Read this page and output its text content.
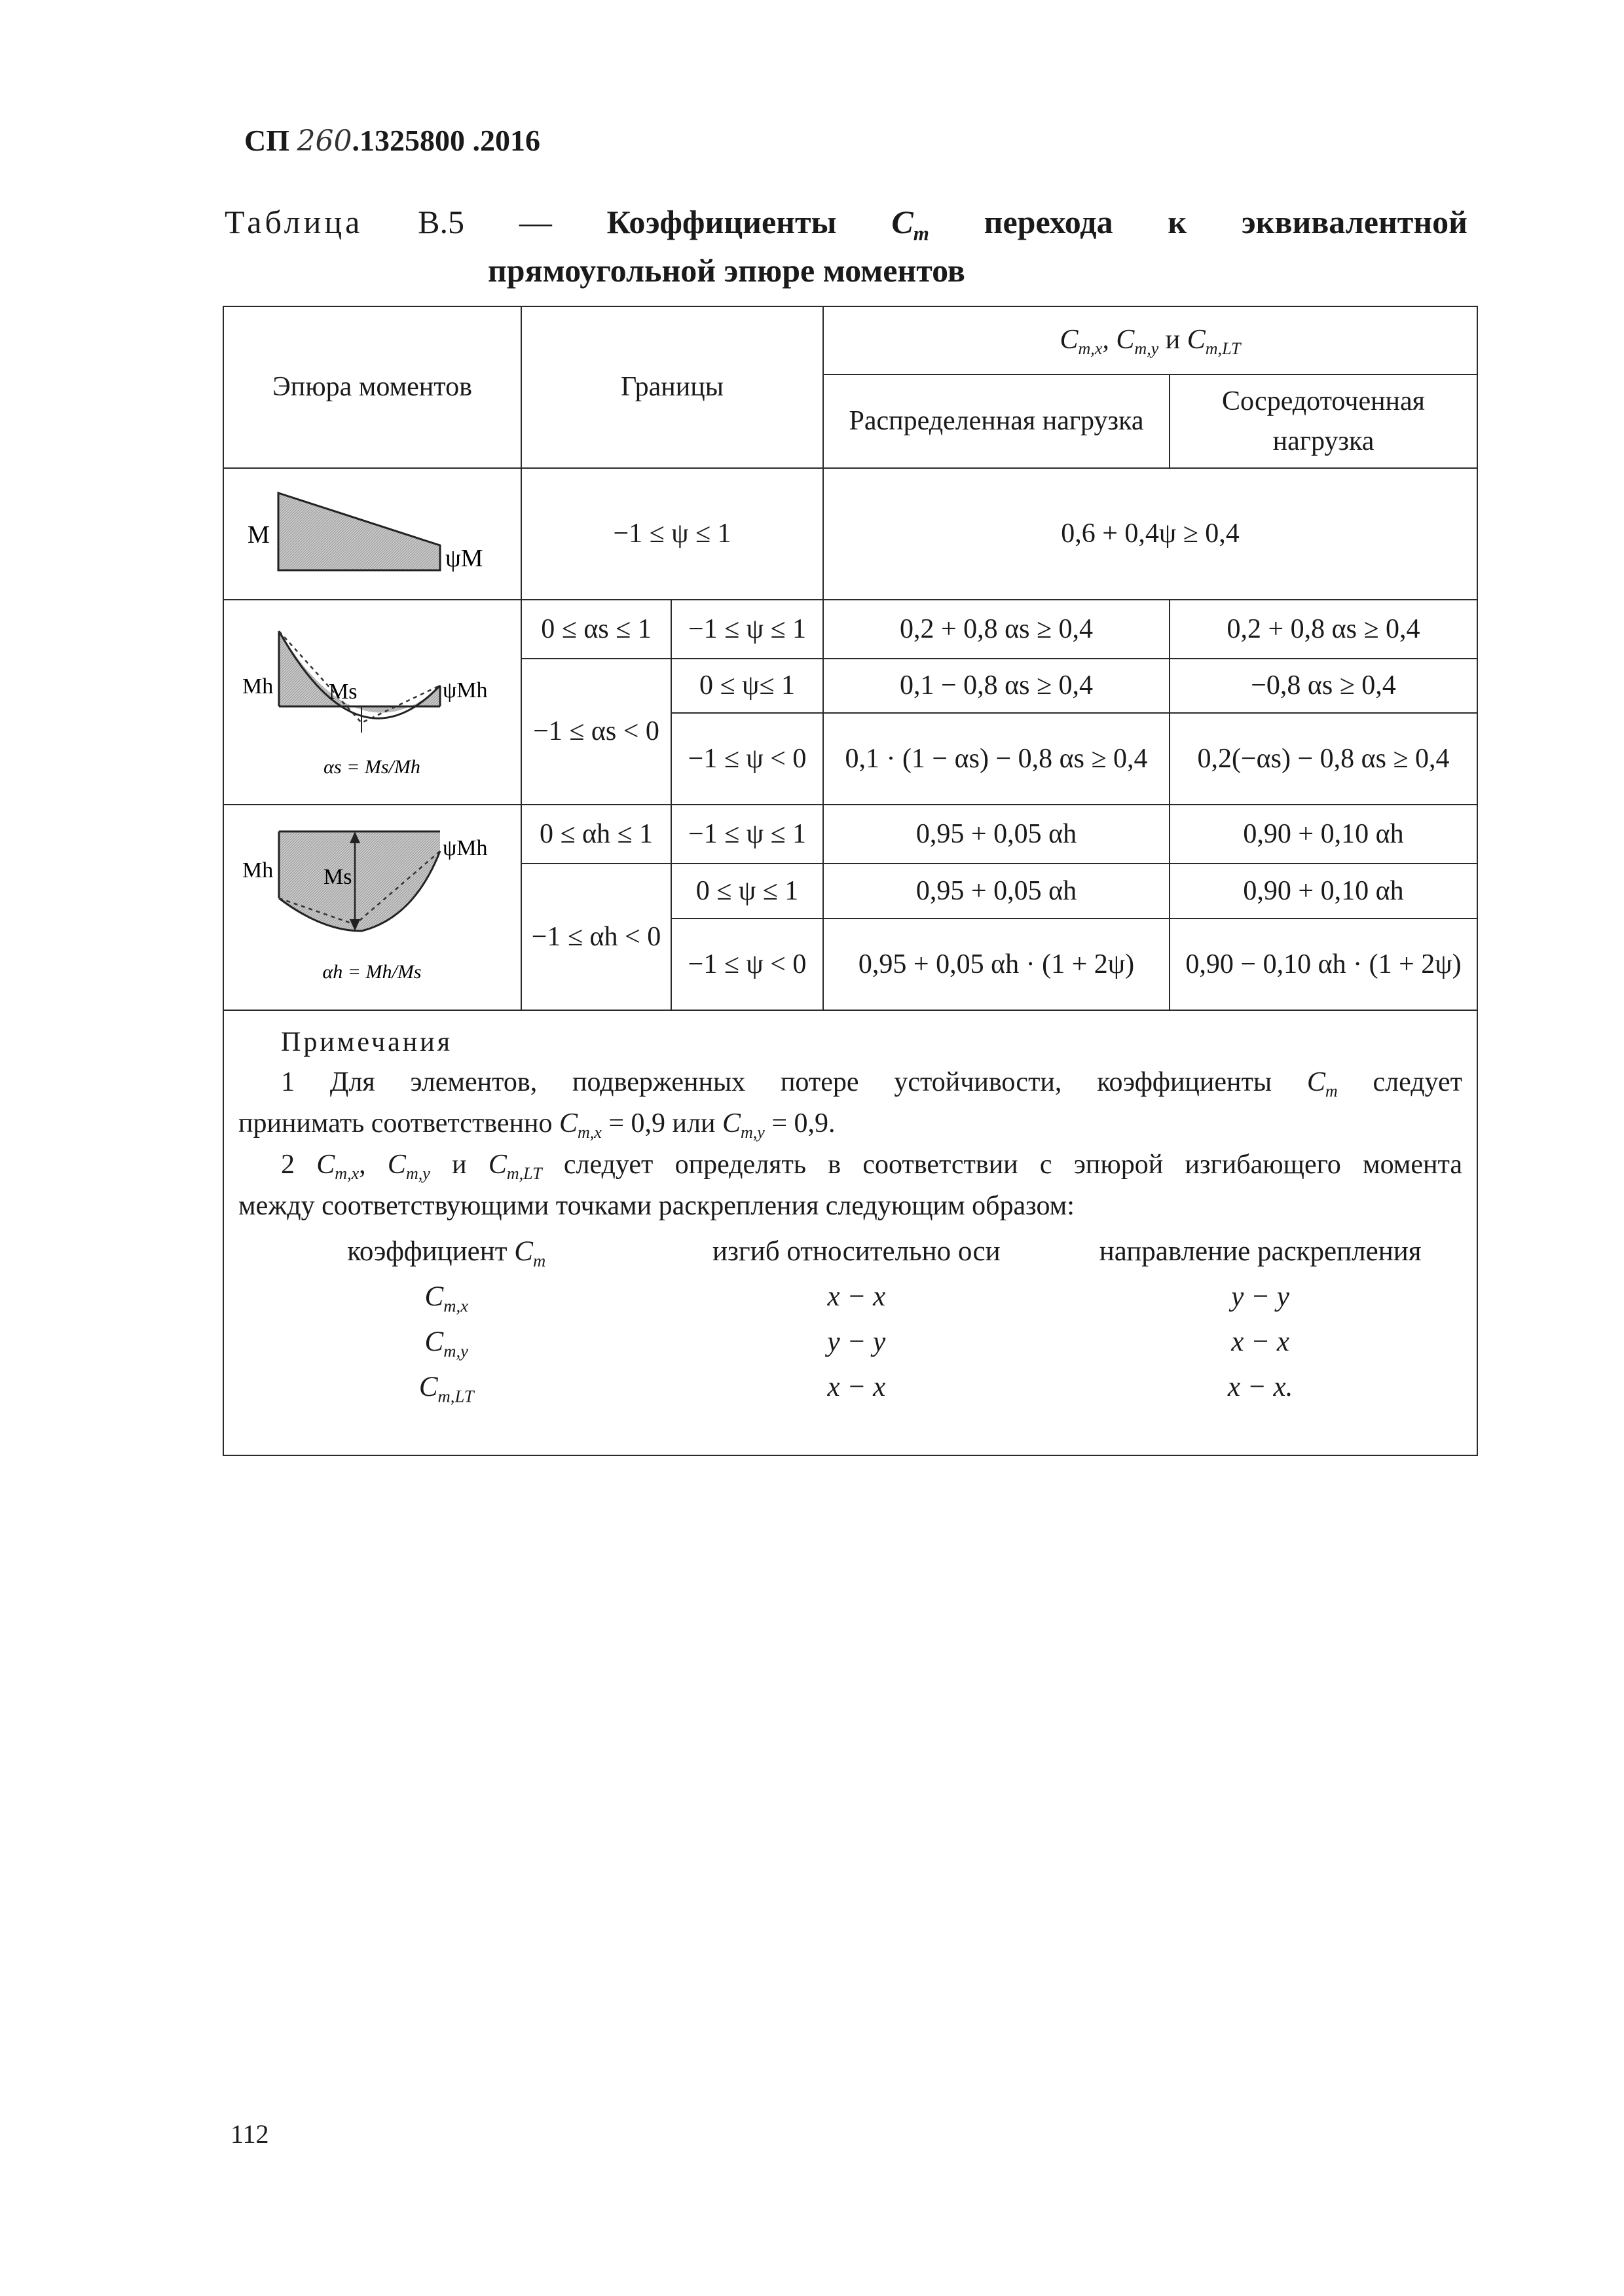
СП 260.1325800 .2016
Таблица В.5 — Коэффициенты $C_m$ перехода к эквивалентной
прямоугольной эпюре моментов
Эпюра моментов	Границы	$C_{m,x}$, $C_{m,y}$ и $C_{m,LT}$
Распределенная нагрузка	Сосредоточенная нагрузка

M
ψM
	−1 ≤ ψ ≤ 1	0,6 + 0,4ψ ≥ 0,4

Mh Ms	ψMh
αs = Ms/Mh
	0 ≤ αs ≤ 1	−1 ≤ ψ ≤ 1	0,2 + 0,8 αs ≥ 0,4	0,2 + 0,8 αs ≥ 0,4
−1 ≤ αs < 0	0 ≤ ψ≤ 1	0,1 − 0,8 αs ≥ 0,4	−0,8 αs ≥ 0,4
−1 ≤ ψ < 0	0,1 · (1 − αs) − 0,8 αs ≥ 0,4	0,2(−αs) − 0,8 αs ≥ 0,4

Mh Ms
ψMh
αh = Mh/Ms
	0 ≤ αh ≤ 1	−1 ≤ ψ ≤ 1	0,95 + 0,05 αh	0,90 + 0,10 αh
−1 ≤ αh < 0	0 ≤ ψ ≤ 1	0,95 + 0,05 αh	0,90 + 0,10 αh
−1 ≤ ψ < 0	0,95 + 0,05 αh · (1 + 2ψ)	0,90 − 0,10 αh · (1 + 2ψ)

Примечания

1 Для элементов, подверженных потере устойчивости, коэффициенты $C_m$ следует

принимать соответственно $C_{m,x} = 0,9$ или $C_{m,y} = 0,9$.

2 $C_{m,x}$, $C_{m,y}$ и $C_{m,LT}$ следует определять в соответствии с эпюрой изгибающего момента

между соответствующими точками раскрепления следующим образом:

коэффициент $C_m$	изгиб относительно оси	направление раскрепления
$C_{m,x}$	x − x	y − y
$C_{m,y}$	y − y	x − x
$C_{m,LT}$	x − x	x − x.
112
